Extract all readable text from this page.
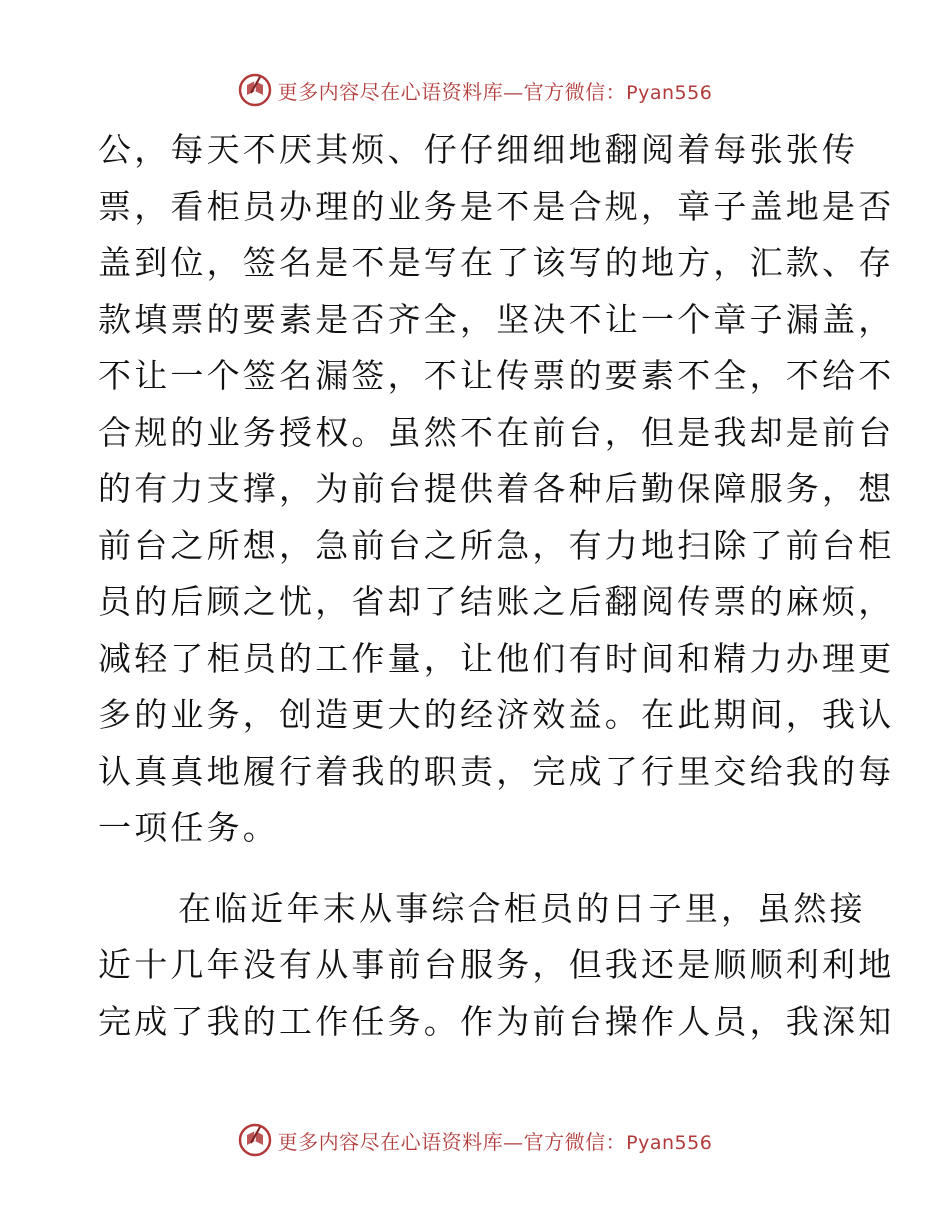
更多内容尽在心语资料库—官方微信：Pyan556
公，每天不厌其烦、仔仔细细地翻阅着每张张传
票，看柜员办理的业务是不是合规，章子盖地是否
盖到位，签名是不是写在了该写的地方，汇款、存
款填票的要素是否齐全，坚决不让一个章子漏盖，
不让一个签名漏签，不让传票的要素不全，不给不
合规的业务授权。虽然不在前台，但是我却是前台
的有力支撑，为前台提供着各种后勤保障服务，想
前台之所想，急前台之所急，有力地扫除了前台柜
员的后顾之忧，省却了结账之后翻阅传票的麻烦，
减轻了柜员的工作量，让他们有时间和精力办理更
多的业务，创造更大的经济效益。在此期间，我认
认真真地履行着我的职责，完成了行里交给我的每
一项任务。
在临近年末从事综合柜员的日子里，虽然接
近十几年没有从事前台服务，但我还是顺顺利利地
完成了我的工作任务。作为前台操作人员，我深知
更多内容尽在心语资料库—官方微信：Pyan556
